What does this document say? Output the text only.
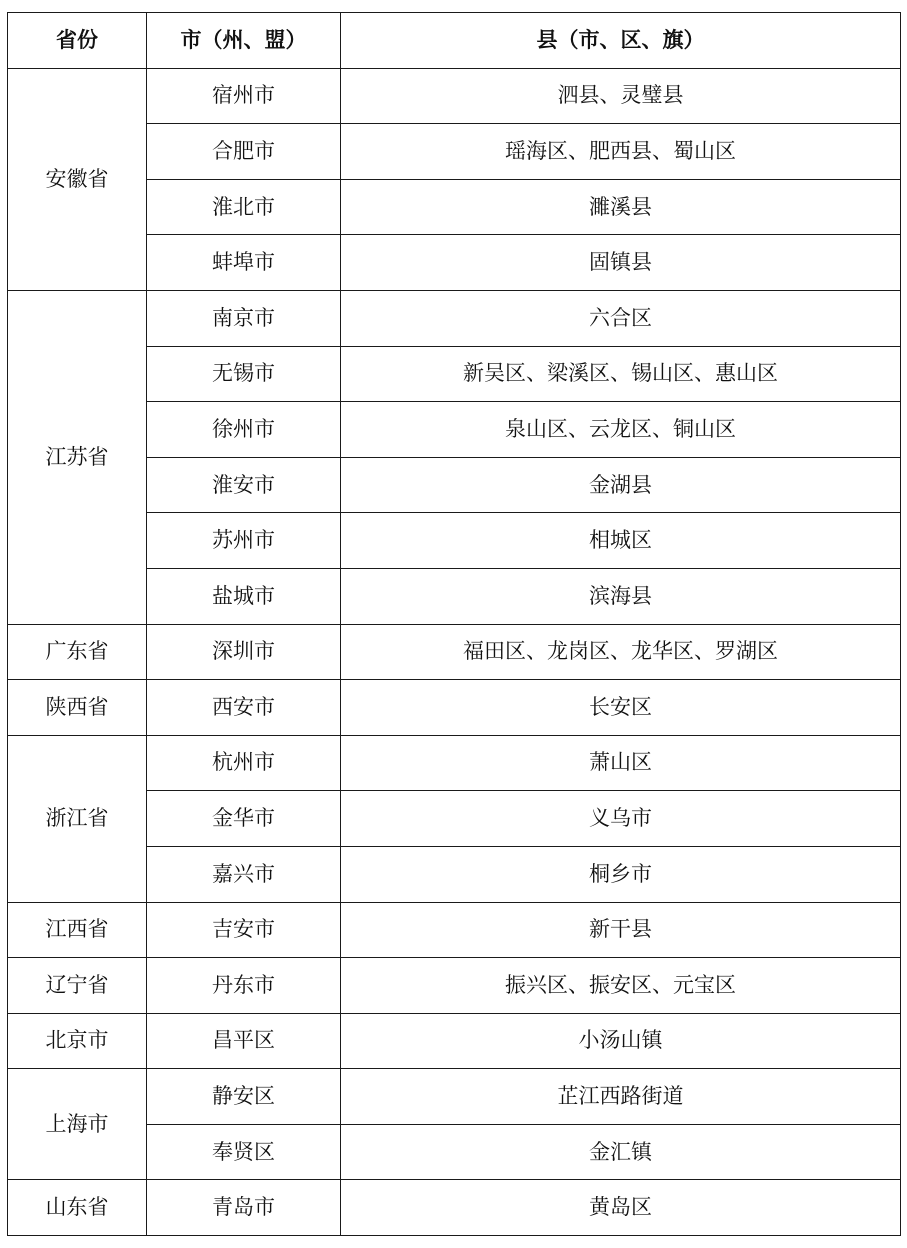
省份	市（州、盟）	县（市、区、旗）
安徽省	宿州市	泗县、灵璧县
	合肥市	瑶海区、肥西县、蜀山区
	淮北市	濉溪县
	蚌埠市	固镇县
江苏省	南京市	六合区
	无锡市	新吴区、梁溪区、锡山区、惠山区
	徐州市	泉山区、云龙区、铜山区
	淮安市	金湖县
	苏州市	相城区
	盐城市	滨海县
广东省	深圳市	福田区、龙岗区、龙华区、罗湖区
陕西省	西安市	长安区
浙江省	杭州市	萧山区
	金华市	义乌市
	嘉兴市	桐乡市
江西省	吉安市	新干县
辽宁省	丹东市	振兴区、振安区、元宝区
北京市	昌平区	小汤山镇
上海市	静安区	芷江西路街道
	奉贤区	金汇镇
山东省	青岛市	黄岛区
